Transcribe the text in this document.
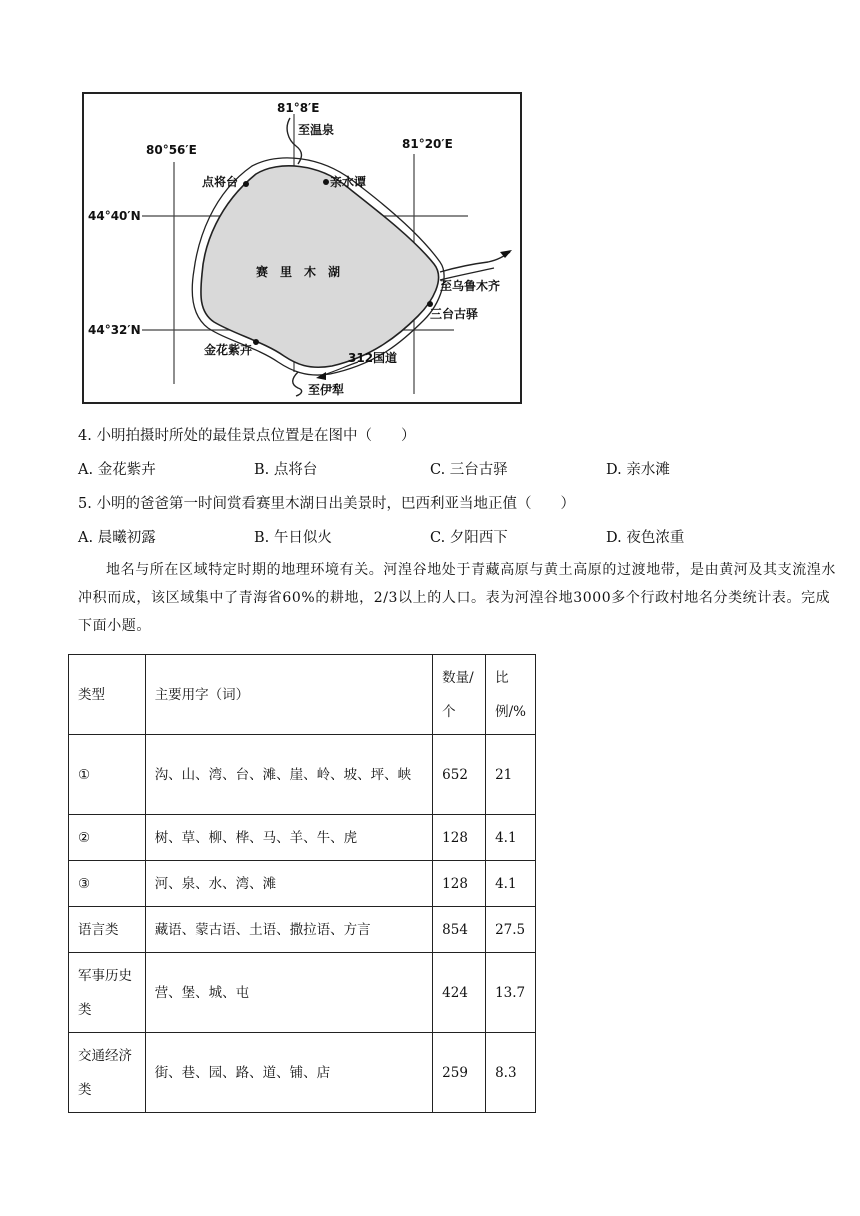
81°8′E
80°56′E	81°20′E
44°40′N
44°32′N
至温泉
点将台	亲水谭
赛　里　木　湖
至乌鲁木齐
三台古驿
金花紫卉
312国道
至伊犁
4. 小明拍摄时所处的最佳景点位置是在图中（　　）
A. 金花紫卉	B. 点将台	C. 三台古驿	D. 亲水滩
5. 小明的爸爸第一时间赏看赛里木湖日出美景时，巴西利亚当地正值（　　）
A. 晨曦初露	B. 午日似火	C. 夕阳西下	D. 夜色浓重
地名与所在区域特定时期的地理环境有关。河湟谷地处于青藏高原与黄土高原的过渡地带，是由黄河及其支流湟水冲积而成，该区域集中了青海省60%的耕地，2/3以上的人口。表为河湟谷地3000多个行政村地名分类统计表。完成下面小题。
类型	主要用字（词）	数量/个	比例/%
①	沟、山、湾、台、滩、崖、岭、坡、坪、峡	652	21
②	树、草、柳、桦、马、羊、牛、虎	128	4.1
③	河、泉、水、湾、滩	128	4.1
语言类	藏语、蒙古语、土语、撒拉语、方言	854	27.5
军事历史类	营、堡、城、屯	424	13.7
交通经济类	街、巷、园、路、道、铺、店	259	8.3
